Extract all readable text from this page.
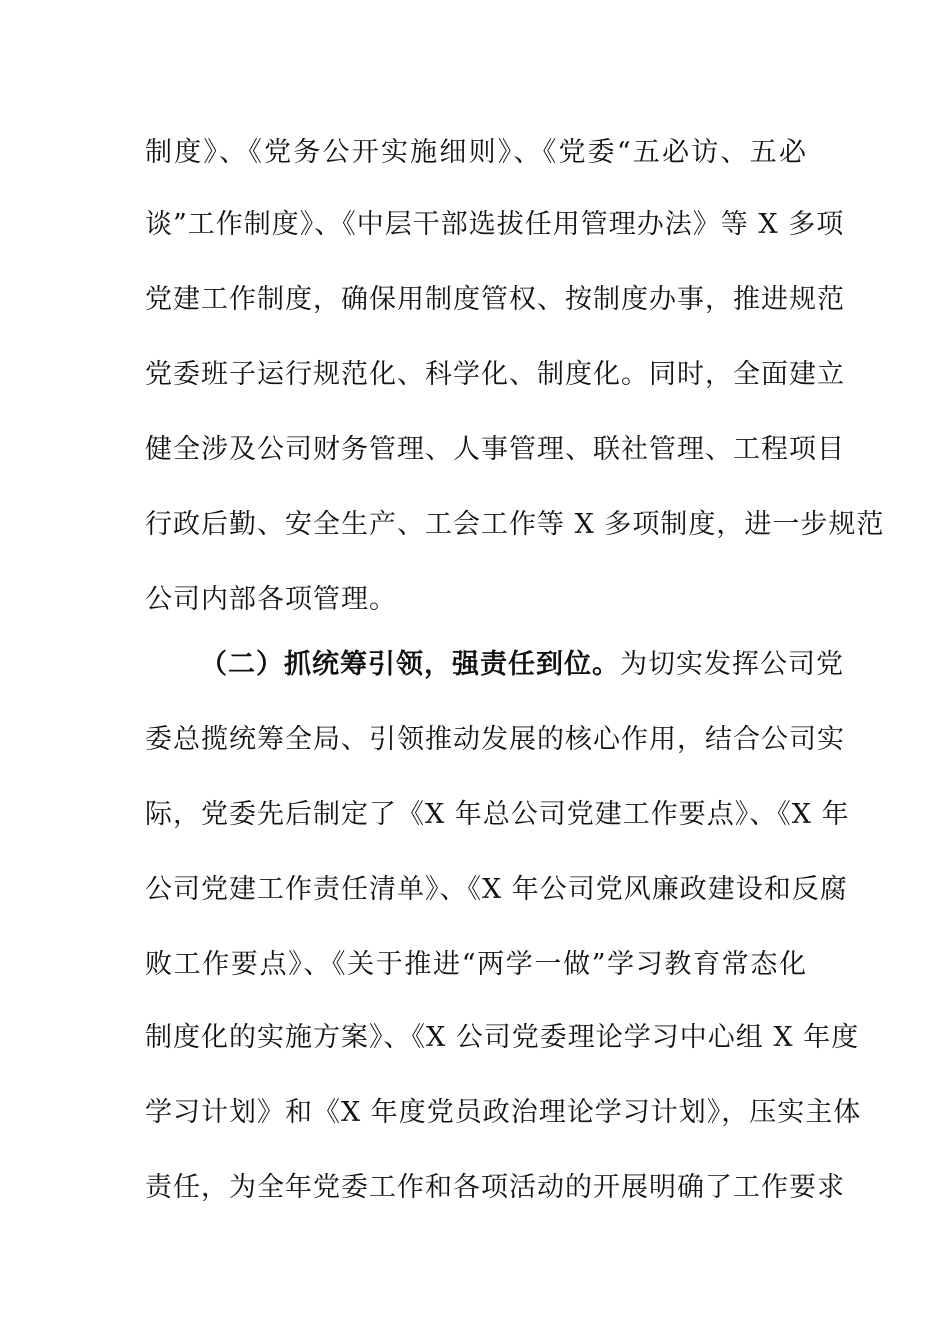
制度》、《党务公开实施细则》、《党委“五必访、五必
谈”工作制度》、《中层干部选拔任用管理办法》等 X 多项
党建工作制度，确保用制度管权、按制度办事，推进规范
党委班子运行规范化、科学化、制度化。同时，全面建立
健全涉及公司财务管理、人事管理、联社管理、工程项目
行政后勤、安全生产、工会工作等 X 多项制度，进一步规范
公司内部各项管理。
（二）抓统筹引领，强责任到位。为切实发挥公司党
委总揽统筹全局、引领推动发展的核心作用，结合公司实
际，党委先后制定了《X 年总公司党建工作要点》、《X 年
公司党建工作责任清单》、《X 年公司党风廉政建设和反腐
败工作要点》、《关于推进“两学一做”学习教育常态化
制度化的实施方案》、《X 公司党委理论学习中心组 X 年度
学习计划》和《X 年度党员政治理论学习计划》，压实主体
责任，为全年党委工作和各项活动的开展明确了工作要求
